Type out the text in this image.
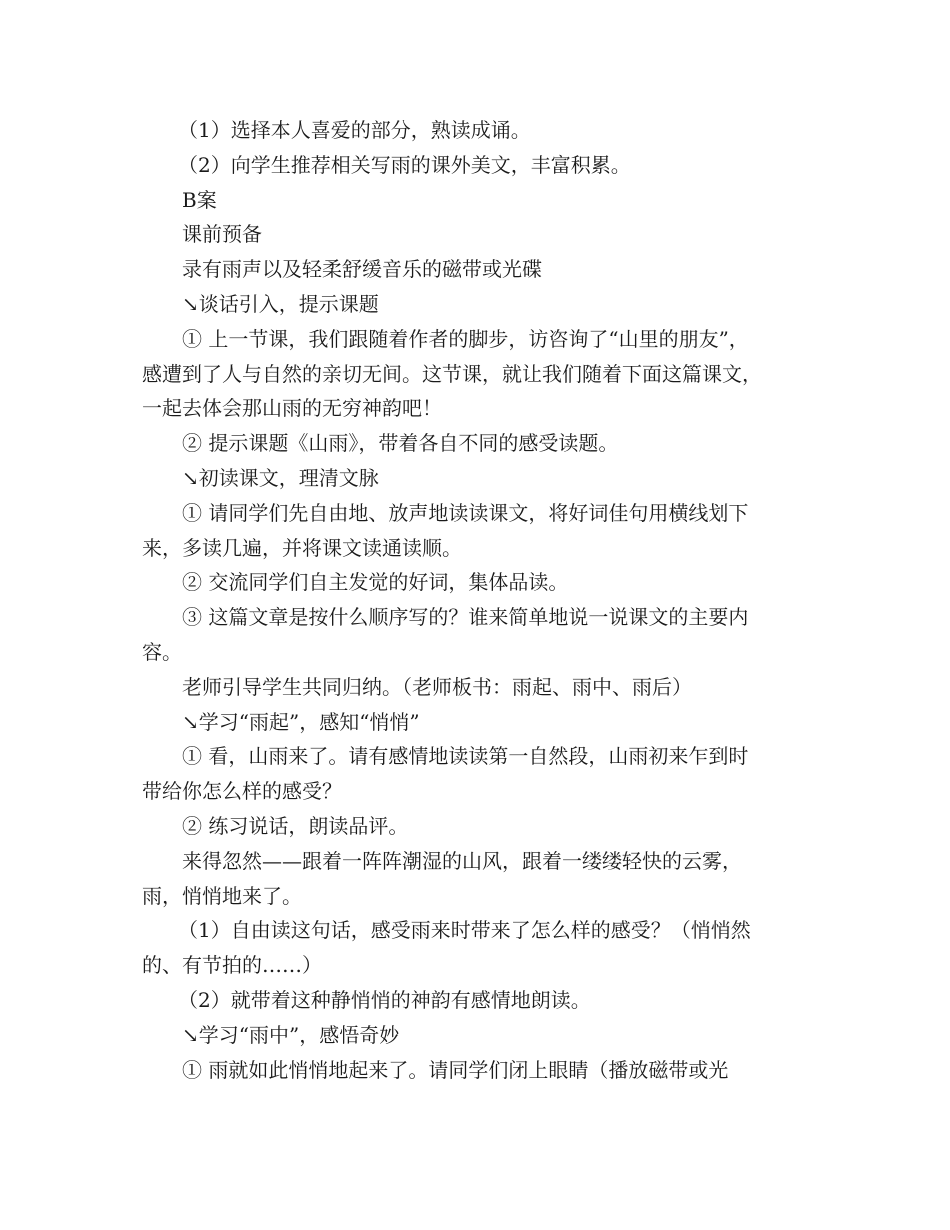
（1）选择本人喜爱的部分，熟读成诵。

（2）向学生推荐相关写雨的课外美文，丰富积累。

B案

课前预备

录有雨声以及轻柔舒缓音乐的磁带或光碟

↘谈话引入，提示课题

① 上一节课，我们跟随着作者的脚步，访咨询了“山里的朋友”，

感遭到了人与自然的亲切无间。这节课，就让我们随着下面这篇课文，

一起去体会那山雨的无穷神韵吧！

② 提示课题《山雨》，带着各自不同的感受读题。

↘初读课文，理清文脉

① 请同学们先自由地、放声地读读课文，将好词佳句用横线划下

来，多读几遍，并将课文读通读顺。

② 交流同学们自主发觉的好词，集体品读。

③ 这篇文章是按什么顺序写的？谁来简单地说一说课文的主要内

容。

老师引导学生共同归纳。（老师板书：雨起、雨中、雨后）

↘学习“雨起”，感知“悄悄”

① 看，山雨来了。请有感情地读读第一自然段，山雨初来乍到时

带给你怎么样的感受？

② 练习说话，朗读品评。

来得忽然——跟着一阵阵潮湿的山风，跟着一缕缕轻快的云雾，

雨，悄悄地来了。

（1）自由读这句话，感受雨来时带来了怎么样的感受？（悄悄然

的、有节拍的……）

（2）就带着这种静悄悄的神韵有感情地朗读。

↘学习“雨中”，感悟奇妙

① 雨就如此悄悄地起来了。请同学们闭上眼睛（播放磁带或光
